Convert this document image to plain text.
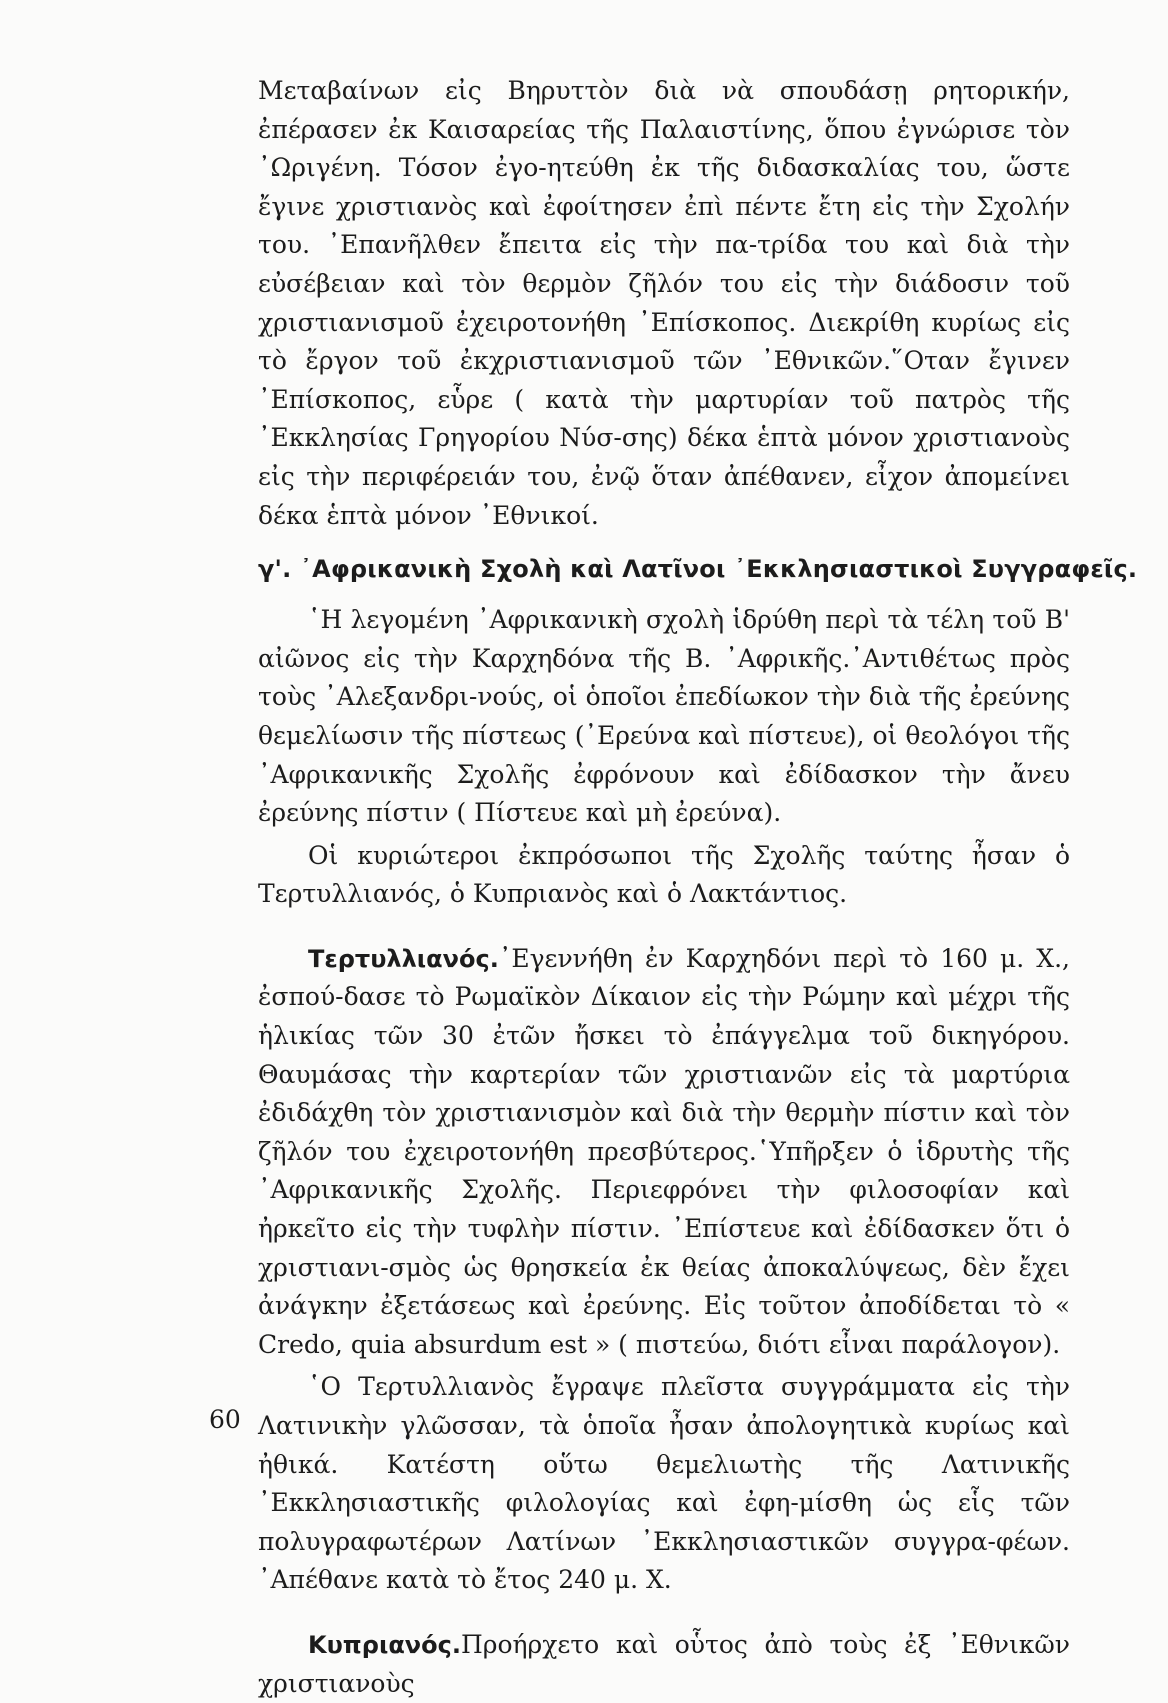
Μεταβαίνων εἰς Βηρυττὸν διὰ νὰ σπουδάσῃ ρητορικήν, ἐπέρασεν ἐκ Καισαρείας τῆς Παλαιστίνης, ὅπου ἐγνώρισε τὸν ᾽Ωριγένη. Τόσον ἐγο-ητεύθη ἐκ τῆς διδασκαλίας του, ὥστε ἔγινε χριστιανὸς καὶ ἐφοίτησεν ἐπὶ πέντε ἔτη εἰς τὴν Σχολήν του. ᾽Επανῆλθεν ἔπειτα εἰς τὴν πα-τρίδα του καὶ διὰ τὴν εὐσέβειαν καὶ τὸν θερμὸν ζῆλόν του εἰς τὴν διάδοσιν τοῦ χριστιανισμοῦ ἐχειροτονήθη ᾽Επίσκοπος. Διεκρίθη κυρίως εἰς τὸ ἔργον τοῦ ἐκχριστιανισμοῦ τῶν ᾽Εθνικῶν.῞Οταν ἔγινεν ᾽Επίσκοπος, εὗρε ( κατὰ τὴν μαρτυρίαν τοῦ πατρὸς τῆς ᾽Εκκλησίας Γρηγορίου Νύσ-σης) δέκα ἑπτὰ μόνον χριστιανοὺς εἰς τὴν περιφέρειάν του, ἐνῷ ὅταν ἀπέθανεν, εἶχον ἀπομείνει δέκα ἑπτὰ μόνον ᾽Εθνικοί.

γ'. ᾽Αφρικανικὴ Σχολὴ καὶ Λατῖνοι ᾽Εκκλησιαστικοὶ Συγγραφεῖς.

῾Η λεγομένη ᾽Αφρικανικὴ σχολὴ ἱδρύθη περὶ τὰ τέλη τοῦ Β' αἰῶνος εἰς τὴν Καρχηδόνα τῆς Β. ᾽Αφρικῆς.᾽Αντιθέτως πρὸς τοὺς ᾽Αλεξανδρι-νούς, οἱ ὁποῖοι ἐπεδίωκον τὴν διὰ τῆς ἐρεύνης θεμελίωσιν τῆς πίστεως (᾽Ερεύνα καὶ πίστευε), οἱ θεολόγοι τῆς ᾽Αφρικανικῆς Σχολῆς ἐφρόνουν καὶ ἐδίδασκον τὴν ἄνευ ἐρεύνης πίστιν ( Πίστευε καὶ μὴ ἐρεύνα).

Οἱ κυριώτεροι ἐκπρόσωποι τῆς Σχολῆς ταύτης ἦσαν ὁ Τερτυλλιανός, ὁ Κυπριανὸς καὶ ὁ Λακτάντιος.

Τερτυλλιανός.᾽Εγεννήθη ἐν Καρχηδόνι περὶ τὸ 160 μ. Χ., ἐσπού-δασε τὸ Ρωμαϊκὸν Δίκαιον εἰς τὴν Ρώμην καὶ μέχρι τῆς ἡλικίας τῶν 30 ἐτῶν ἤσκει τὸ ἐπάγγελμα τοῦ δικηγόρου. Θαυμάσας τὴν καρτερίαν τῶν χριστιανῶν εἰς τὰ μαρτύρια ἐδιδάχθη τὸν χριστιανισμὸν καὶ διὰ τὴν θερμὴν πίστιν καὶ τὸν ζῆλόν του ἐχειροτονήθη πρεσβύτερος.῾Υπῆρξεν ὁ ἱδρυτὴς τῆς ᾽Αφρικανικῆς Σχολῆς. Περιεφρόνει τὴν φιλοσοφίαν καὶ ἠρκεῖτο εἰς τὴν τυφλὴν πίστιν. ᾽Επίστευε καὶ ἐδίδασκεν ὅτι ὁ χριστιανι-σμὸς ὡς θρησκεία ἐκ θείας ἀποκαλύψεως, δὲν ἔχει ἀνάγκην ἐξετάσεως καὶ ἐρεύνης. Εἰς τοῦτον ἀποδίδεται τὸ « Credo, quia absurdum est » ( πιστεύω, διότι εἶναι παράλογον).

῾Ο Τερτυλλιανὸς ἔγραψε πλεῖστα συγγράμματα εἰς τὴν Λατινικὴν γλῶσσαν, τὰ ὁποῖα ἦσαν ἀπολογητικὰ κυρίως καὶ ἠθικά. Κατέστη οὕτω θεμελιωτὴς τῆς Λατινικῆς ᾽Εκκλησιαστικῆς φιλολογίας καὶ ἐφη-μίσθη ὡς εἷς τῶν πολυγραφωτέρων Λατίνων ᾽Εκκλησιαστικῶν συγγρα-φέων. ᾽Απέθανε κατὰ τὸ ἔτος 240 μ. Χ.

Κυπριανός.Προήρχετο καὶ οὗτος ἀπὸ τοὺς ἐξ ᾽Εθνικῶν χριστιανοὺς

60
